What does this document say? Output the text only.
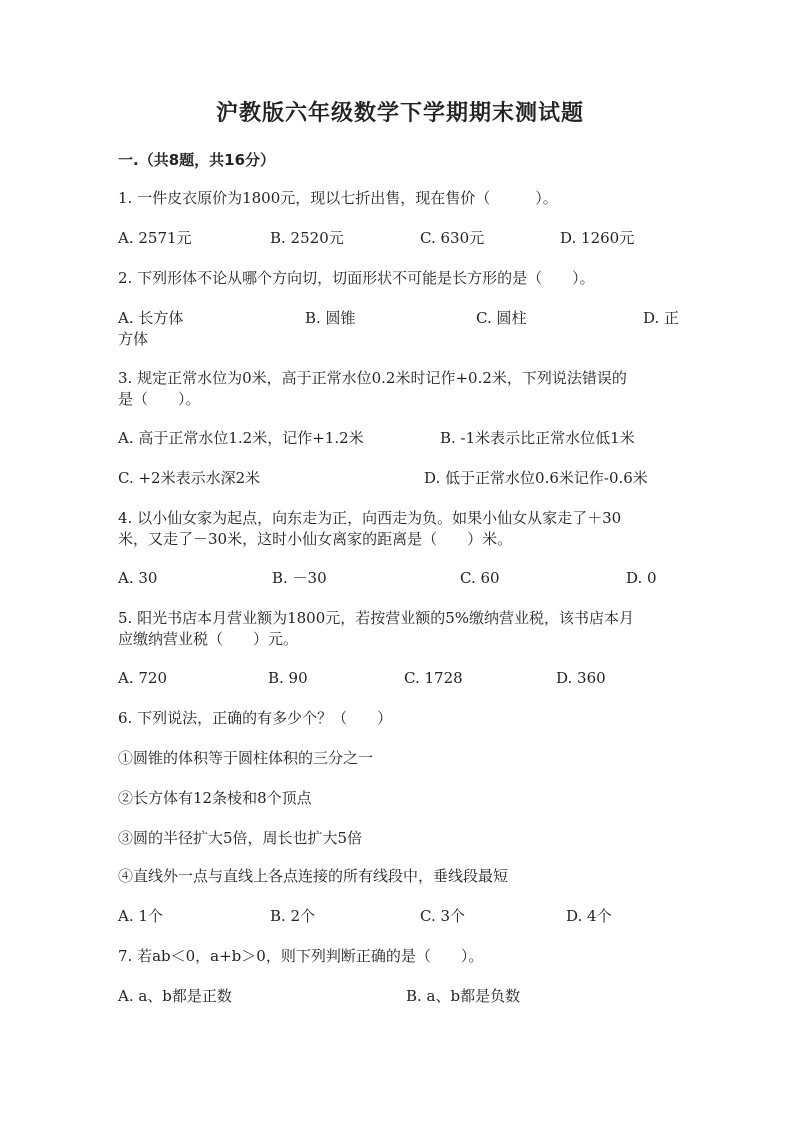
沪教版六年级数学下学期期末测试题
一.（共8题，共16分）
1. 一件皮衣原价为1800元，现以七折出售，现在售价（　　　）。
A. 2571元	B. 2520元	C. 630元	D. 1260元
2. 下列形体不论从哪个方向切，切面形状不可能是长方形的是（　　）。
A. 长方体	B. 圆锥	C. 圆柱	D. 正
方体
3. 规定正常水位为0米，高于正常水位0.2米时记作+0.2米，下列说法错误的
是（　　）。
A. 高于正常水位1.2米，记作+1.2米	B. -1米表示比正常水位低1米
C. +2米表示水深2米	D. 低于正常水位0.6米记作-0.6米
4. 以小仙女家为起点，向东走为正，向西走为负。如果小仙女从家走了＋30
米，又走了－30米，这时小仙女离家的距离是（　　）米。
A. 30	B. －30	C. 60	D. 0
5. 阳光书店本月营业额为1800元，若按营业额的5%缴纳营业税，该书店本月
应缴纳营业税（　　）元。
A. 720	B. 90	C. 1728	D. 360
6. 下列说法，正确的有多少个？（　　）
①圆锥的体积等于圆柱体积的三分之一
②长方体有12条棱和8个顶点
③圆的半径扩大5倍，周长也扩大5倍
④直线外一点与直线上各点连接的所有线段中，垂线段最短
A. 1个	B. 2个	C. 3个	D. 4个
7. 若ab＜0，a+b＞0，则下列判断正确的是（　　）。
A. a、b都是正数	B. a、b都是负数
